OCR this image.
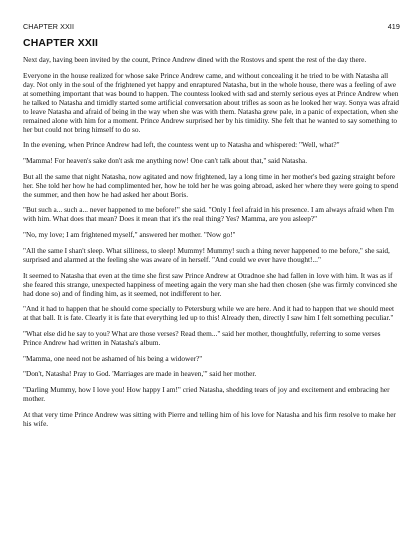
CHAPTER XXII	419
CHAPTER XXII

Next day, having been invited by the count, Prince Andrew dined with the Rostovs and spent the rest of the day there.

Everyone in the house realized for whose sake Prince Andrew came, and without concealing it he tried to be with Natasha all day. Not only in the soul of the frightened yet happy and enraptured Natasha, but in the whole house, there was a feeling of awe at something important that was bound to happen. The countess looked with sad and sternly serious eyes at Prince Andrew when he talked to Natasha and timidly started some artificial conversation about trifles as soon as he looked her way. Sonya was afraid to leave Natasha and afraid of being in the way when she was with them. Natasha grew pale, in a panic of expectation, when she remained alone with him for a moment. Prince Andrew surprised her by his timidity. She felt that he wanted to say something to her but could not bring himself to do so.

In the evening, when Prince Andrew had left, the countess went up to Natasha and whispered: "Well, what?"

"Mamma! For heaven's sake don't ask me anything now! One can't talk about that," said Natasha.

But all the same that night Natasha, now agitated and now frightened, lay a long time in her mother's bed gazing straight before her. She told her how he had complimented her, how he told her he was going abroad, asked her where they were going to spend the summer, and then how he had asked her about Boris.

"But such a... such a... never happened to me before!" she said. "Only I feel afraid in his presence. I am always afraid when I'm with him. What does that mean? Does it mean that it's the real thing? Yes? Mamma, are you asleep?"

"No, my love; I am frightened myself," answered her mother. "Now go!"

"All the same I shan't sleep. What silliness, to sleep! Mummy! Mummy! such a thing never happened to me before," she said, surprised and alarmed at the feeling she was aware of in herself. "And could we ever have thought!..."

It seemed to Natasha that even at the time she first saw Prince Andrew at Otradnoe she had fallen in love with him. It was as if she feared this strange, unexpected happiness of meeting again the very man she had then chosen (she was firmly convinced she had done so) and of finding him, as it seemed, not indifferent to her.

"And it had to happen that he should come specially to Petersburg while we are here. And it had to happen that we should meet at that ball. It is fate. Clearly it is fate that everything led up to this! Already then, directly I saw him I felt something peculiar."

"What else did he say to you? What are those verses? Read them..." said her mother, thoughtfully, referring to some verses Prince Andrew had written in Natasha's album.

"Mamma, one need not be ashamed of his being a widower?"

"Don't, Natasha! Pray to God. 'Marriages are made in heaven,'" said her mother.

"Darling Mummy, how I love you! How happy I am!" cried Natasha, shedding tears of joy and excitement and embracing her mother.

At that very time Prince Andrew was sitting with Pierre and telling him of his love for Natasha and his firm resolve to make her his wife.
